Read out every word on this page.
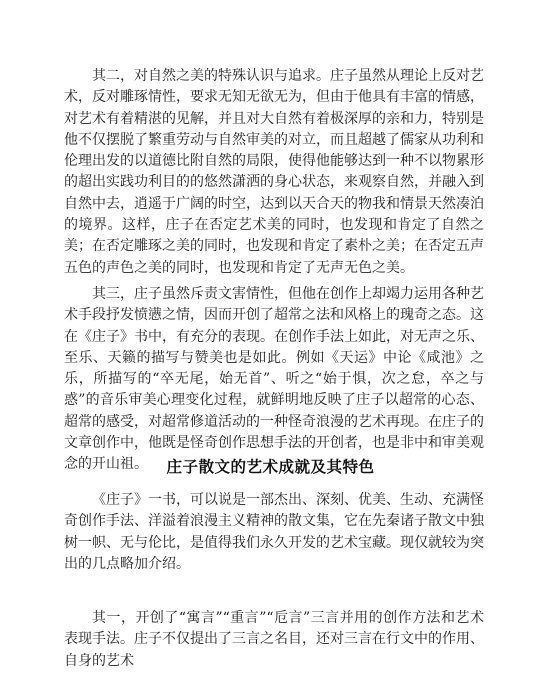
其二，对自然之美的特殊认识与追求。庄子虽然从理论上反对艺术，反对雕琢情性，要求无知无欲无为，但由于他具有丰富的情感，对艺术有着精湛的见解，并且对大自然有着极深厚的亲和力，特别是他不仅摆脱了繁重劳动与自然审美的对立，而且超越了儒家从功利和伦理出发的以道德比附自然的局限，使得他能够达到一种不以物累形的超出实践功利目的的悠然潇洒的身心状态，来观察自然，并融入到自然中去，逍遥于广阔的时空，达到以天合天的物我和情景天然凑泊的境界。这样，庄子在否定艺术美的同时，也发现和肯定了自然之美；在否定雕琢之美的同时，也发现和肯定了素朴之美；在否定五声五色的声色之美的同时，也发现和肯定了无声无色之美。

其三，庄子虽然斥责文害情性，但他在创作上却竭力运用各种艺术手段抒发愤懑之情，因而开创了超常之法和风格上的瑰奇之态。这在《庄子》书中，有充分的表现。在创作手法上如此，对无声之乐、至乐、天籁的描写与赞美也是如此。例如《天运》中论《咸池》之乐，所描写的“卒无尾，始无首”、听之“始于惧，次之怠，卒之与惑”的音乐审美心理变化过程，就鲜明地反映了庄子以超常的心态、超常的感受，对超常修道活动的一种怪奇浪漫的艺术再现。在庄子的文章创作中，他既是怪奇创作思想手法的开创者，也是非中和审美观念的开山祖。	庄子散文的艺术成就及其特色

《庄子》一书，可以说是一部杰出、深刻、优美、生动、充满怪奇创作手法、洋溢着浪漫主义精神的散文集，它在先秦诸子散文中独树一帜、无与伦比，是值得我们永久开发的艺术宝藏。现仅就较为突出的几点略加介绍。

其一，开创了“寓言”“重言”“卮言”三言并用的创作方法和艺术表现手法。庄子不仅提出了三言之名目，还对三言在行文中的作用、自身的艺术
